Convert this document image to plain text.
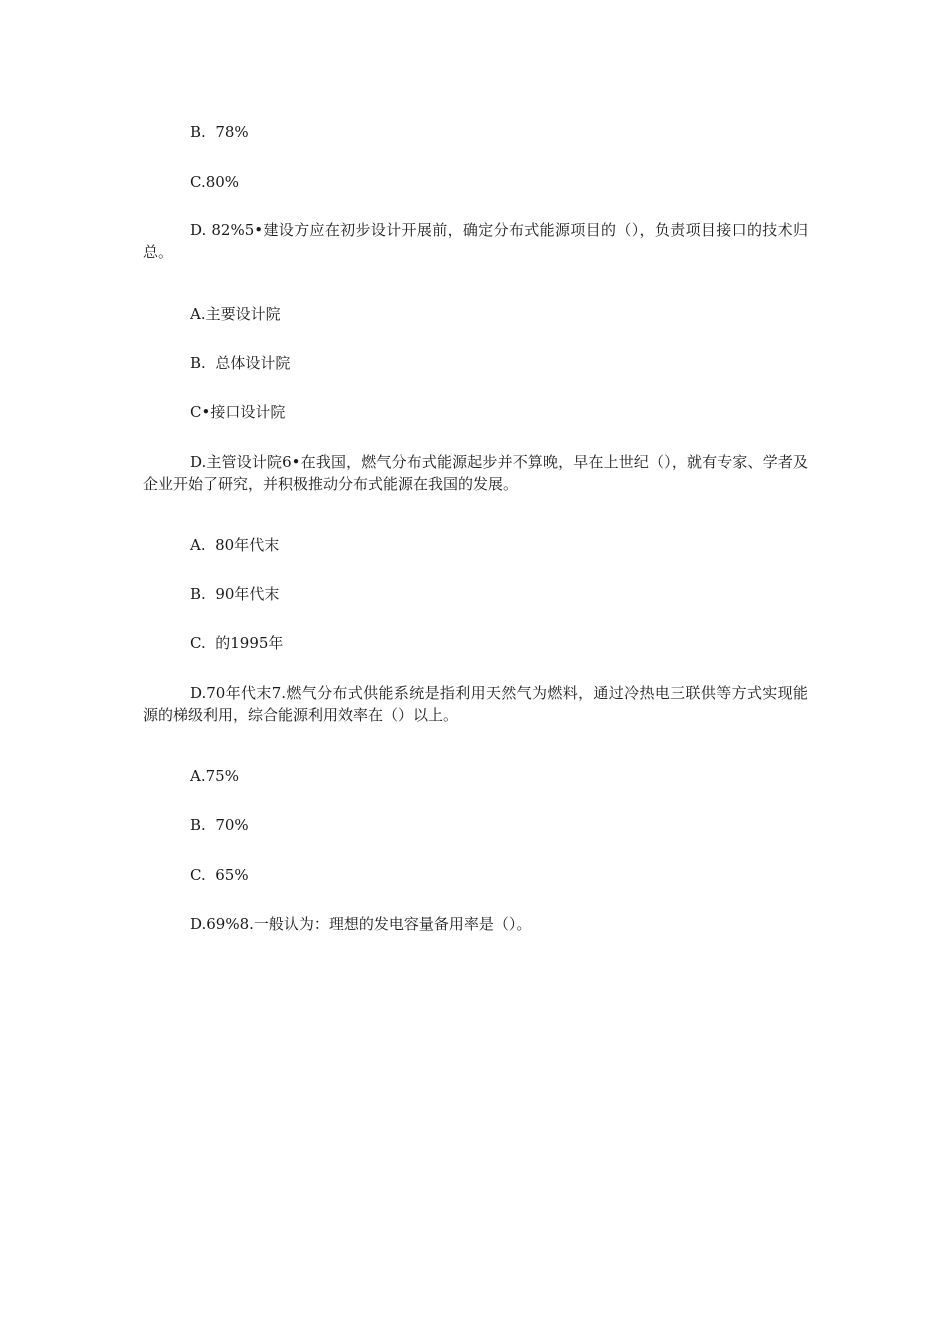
B.  78%
C.80%
D. 82%5•建设方应在初步设计开展前，确定分布式能源项目的（），负责项目接口的技术归总。
A.主要设计院
B.  总体设计院
C•接口设计院
D.主管设计院6•在我国，燃气分布式能源起步并不算晚，早在上世纪（），就有专家、学者及企业开始了研究，并积极推动分布式能源在我国的发展。
A.  80年代末
B.  90年代末
C.  的1995年
D.70年代末7.燃气分布式供能系统是指利用天然气为燃料，通过冷热电三联供等方式实现能源的梯级利用，综合能源利用效率在（）以上。
A.75%
B.  70%
C.  65%
D.69%8.一般认为：理想的发电容量备用率是（）。
